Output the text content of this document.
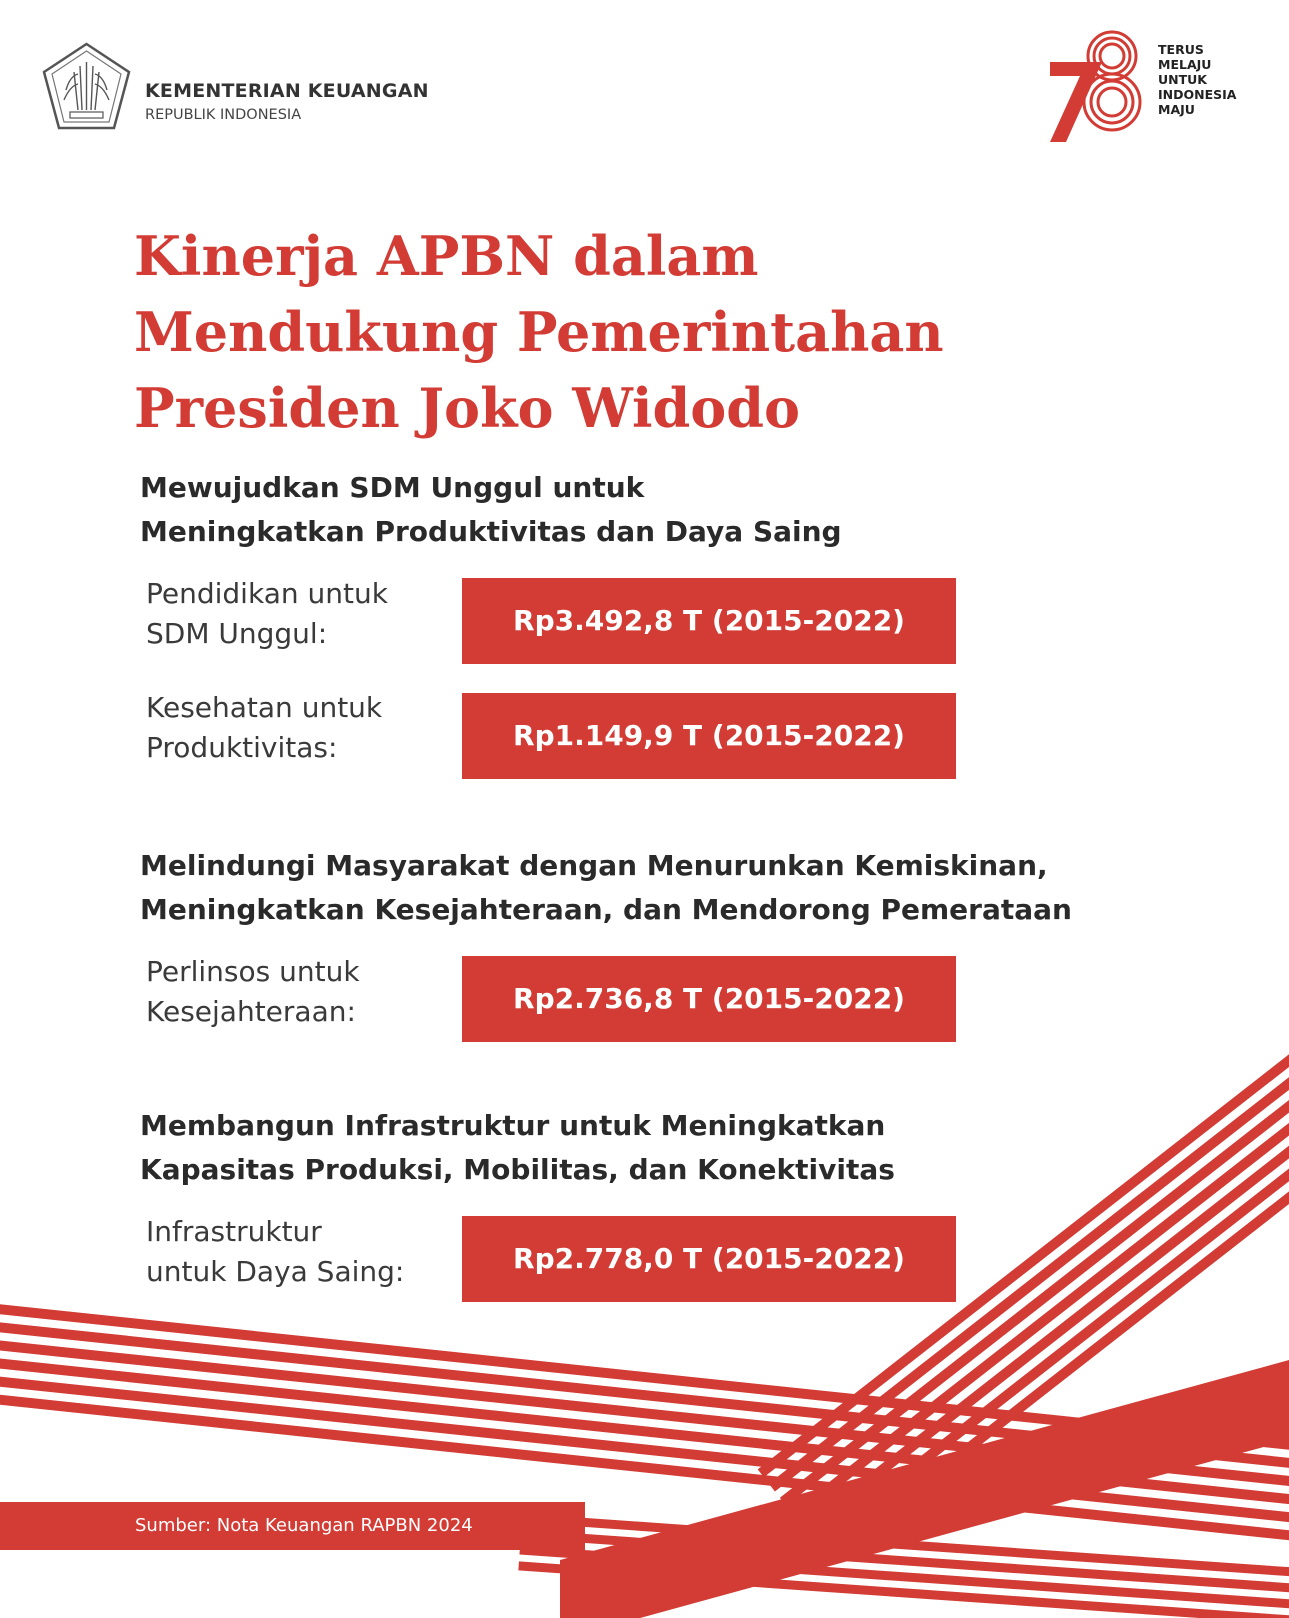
KEMENTERIAN KEUANGAN
REPUBLIK INDONESIA
TERUS
MELAJU
UNTUK
INDONESIA
MAJU
Kinerja APBN dalam
Mendukung Pemerintahan
Presiden Joko Widodo
Mewujudkan SDM Unggul untuk
Meningkatkan Produktivitas dan Daya Saing
Pendidikan untuk
SDM Unggul:	Rp3.492,8 T (2015-2022)
Kesehatan untuk
Produktivitas:	Rp1.149,9 T (2015-2022)
Melindungi Masyarakat dengan Menurunkan Kemiskinan,
Meningkatkan Kesejahteraan, dan Mendorong Pemerataan
Perlinsos untuk
Kesejahteraan:	Rp2.736,8 T (2015-2022)
Membangun Infrastruktur untuk Meningkatkan
Kapasitas Produksi, Mobilitas, dan Konektivitas
Infrastruktur
untuk Daya Saing:	Rp2.778,0 T (2015-2022)
Sumber: Nota Keuangan RAPBN 2024
